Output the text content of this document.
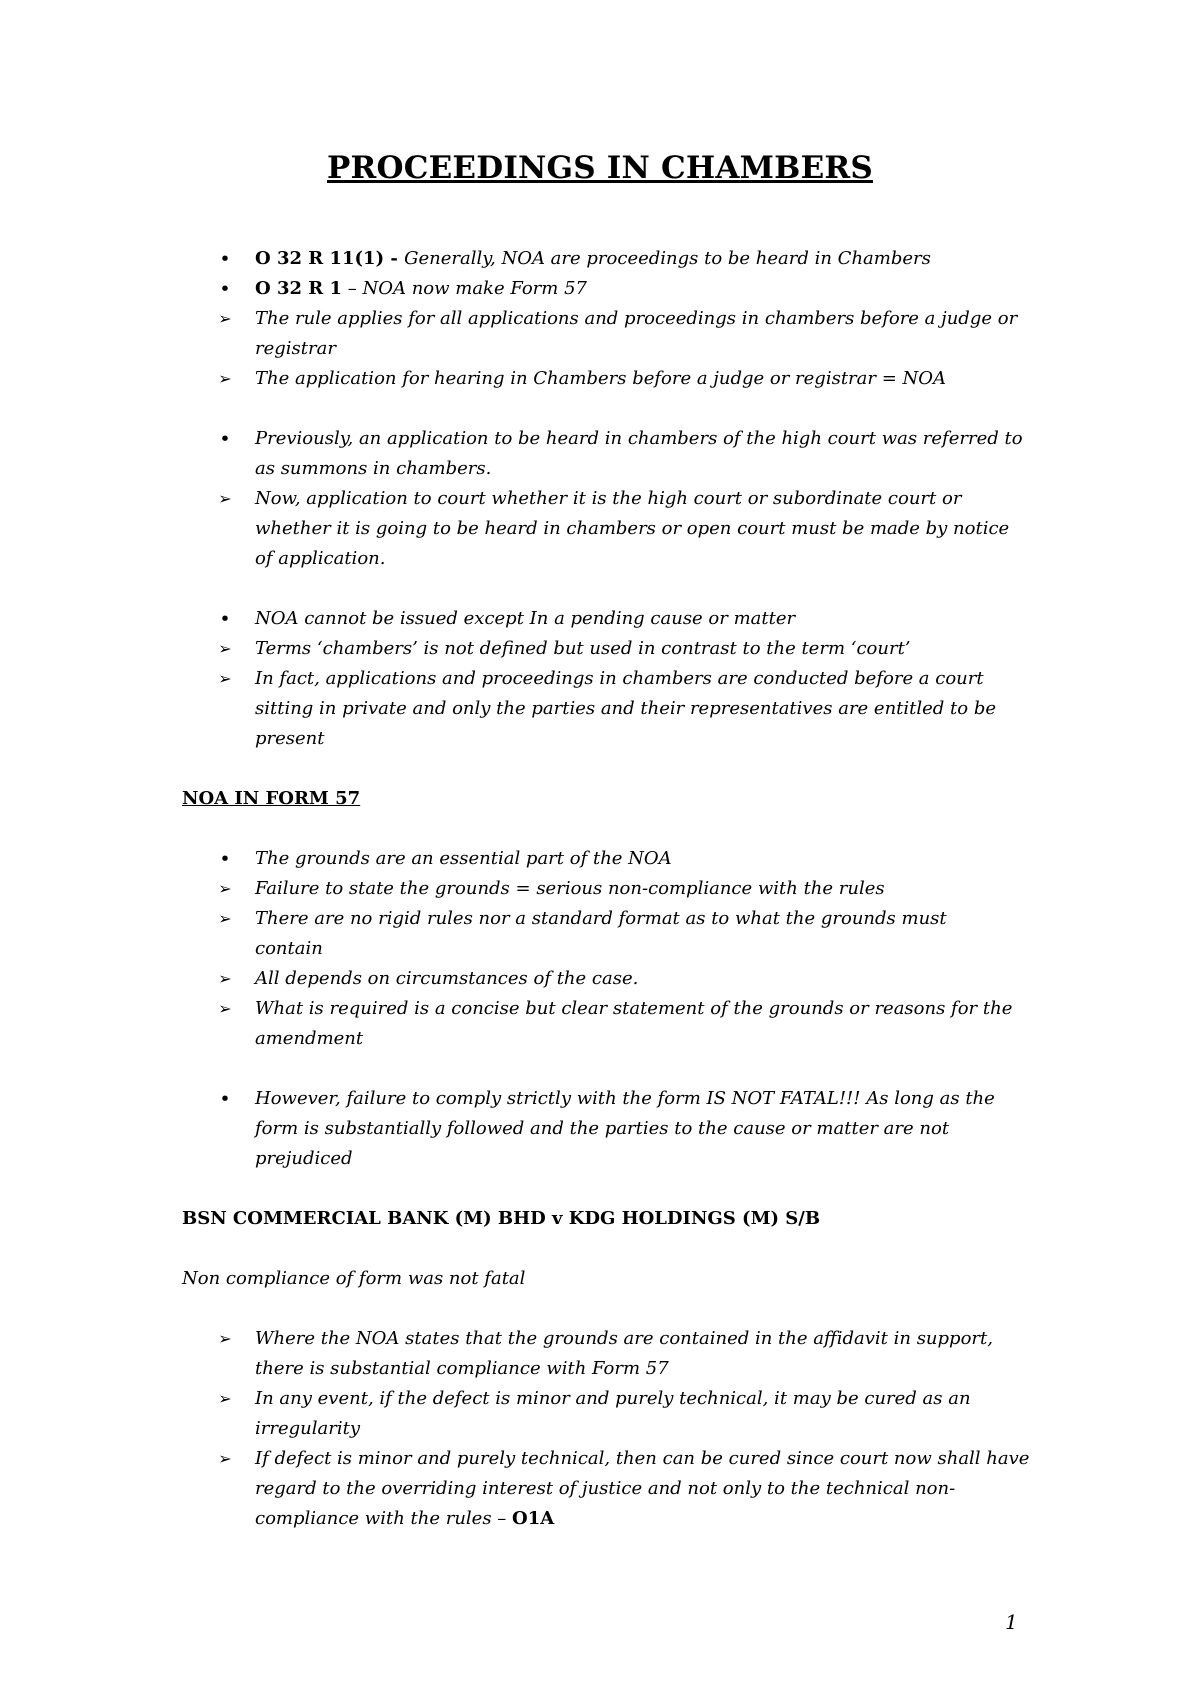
PROCEEDINGS IN CHAMBERS
•
O 32 R 11(1) - Generally, NOA are proceedings to be heard in Chambers
•
O 32 R 1 – NOA now make Form 57
➢
The rule applies for all applications and proceedings in chambers before a judge or
registrar
➢
The application for hearing in Chambers before a judge or registrar = NOA
•
Previously, an application to be heard in chambers of the high court was referred to
as summons in chambers.
➢
Now, application to court whether it is the high court or subordinate court or
whether it is going to be heard in chambers or open court must be made by notice
of application.
•
NOA cannot be issued except In a pending cause or matter
➢
Terms ‘chambers’ is not defined but used in contrast to the term ‘court’
➢
In fact, applications and proceedings in chambers are conducted before a court
sitting in private and only the parties and their representatives are entitled to be
present
NOA IN FORM 57
•
The grounds are an essential part of the NOA
➢
Failure to state the grounds = serious non-compliance with the rules
➢
There are no rigid rules nor a standard format as to what the grounds must
contain
➢
All depends on circumstances of the case.
➢
What is required is a concise but clear statement of the grounds or reasons for the
amendment
•
However, failure to comply strictly with the form IS NOT FATAL!!! As long as the
form is substantially followed and the parties to the cause or matter are not
prejudiced
BSN COMMERCIAL BANK (M) BHD v KDG HOLDINGS (M) S/B
Non compliance of form was not fatal
➢
Where the NOA states that the grounds are contained in the affidavit in support,
there is substantial compliance with Form 57
➢
In any event, if the defect is minor and purely technical, it may be cured as an
irregularity
➢
If defect is minor and purely technical, then can be cured since court now shall have
regard to the overriding interest of justice and not only to the technical non-
compliance with the rules – O1A
1
